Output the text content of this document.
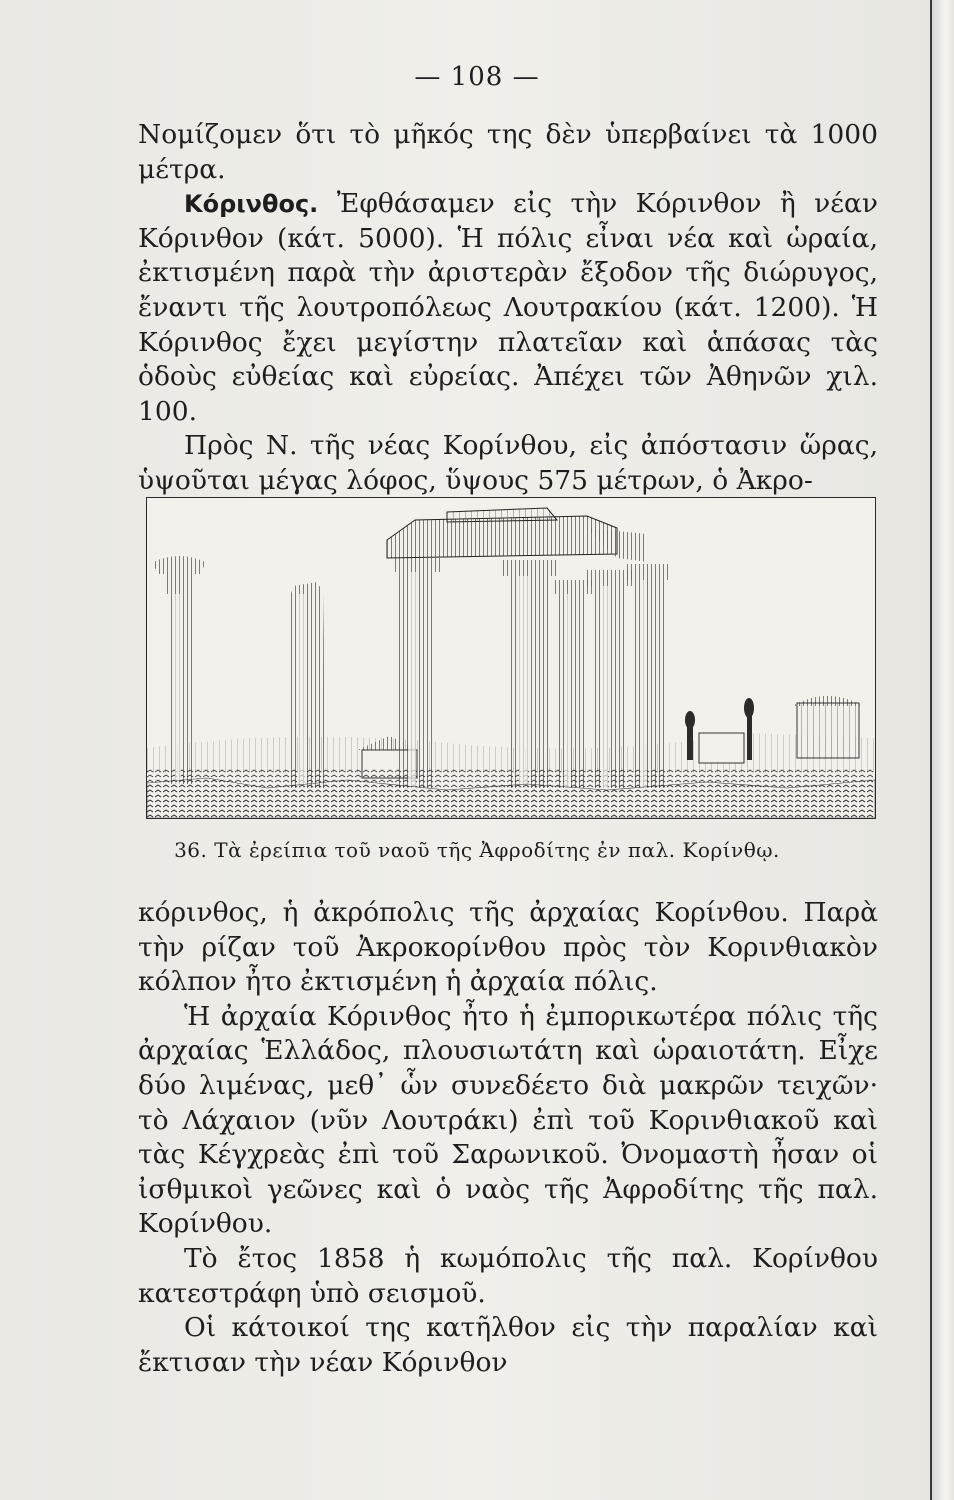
— 108 —

Νομίζομεν ὅτι τὸ μῆκός της δὲν ὑπερβαίνει τὰ 1000 μέτρα.

Κόρινθος. Ἐφθάσαμεν εἰς τὴν Κόρινθον ἢ νέαν Κόρινθον (κάτ. 5000). Ἡ πόλις εἶναι νέα καὶ ὡραία, ἐκτισμένη παρὰ τὴν ἀριστερὰν ἔξοδον τῆς διώρυγος, ἔναντι τῆς λουτροπόλεως Λουτρακίου (κάτ. 1200). Ἡ Κόρινθος ἔχει μεγίστην πλατεῖαν καὶ ἁπάσας τὰς ὁδοὺς εὐθείας καὶ εὐρείας. Ἀπέχει τῶν Ἀθηνῶν χιλ. 100.

Πρὸς Ν. τῆς νέας Κορίνθου, εἰς ἀπόστασιν ὥρας, ὑψοῦται μέγας λόφος, ὕψους 575 μέτρων, ὁ Ἀκρο-

36. Τὰ ἐρείπια τοῦ ναοῦ τῆς Ἀφροδίτης ἐν παλ. Κορίνθῳ.

κόρινθος, ἡ ἀκρόπολις τῆς ἀρχαίας Κορίνθου. Παρὰ τὴν ρίζαν τοῦ Ἀκροκορίνθου πρὸς τὸν Κορινθιακὸν κόλπον ἦτο ἐκτισμένη ἡ ἀρχαία πόλις.

Ἡ ἀρχαία Κόρινθος ἦτο ἡ ἐμπορικωτέρα πόλις τῆς ἀρχαίας Ἑλλάδος, πλουσιωτάτη καὶ ὡραιοτάτη. Εἶχε δύο λιμένας, μεθ᾽ ὧν συνεδέετο διὰ μακρῶν τειχῶν· τὸ Λάχαιον (νῦν Λουτράκι) ἐπὶ τοῦ Κορινθιακοῦ καὶ τὰς Κέγχρεὰς ἐπὶ τοῦ Σαρωνικοῦ. Ὀνομαστὴ ἦσαν οἱ ἰσθμικοὶ γεῶνες καὶ ὁ ναὸς τῆς Ἀφροδίτης τῆς παλ. Κορίνθου.

Τὸ ἔτος 1858 ἡ κωμόπολις τῆς παλ. Κορίνθου κατεστράφη ὑπὸ σεισμοῦ.

Οἱ κάτοικοί της κατῆλθον εἰς τὴν παραλίαν καὶ ἔκτισαν τὴν νέαν Κόρινθον
